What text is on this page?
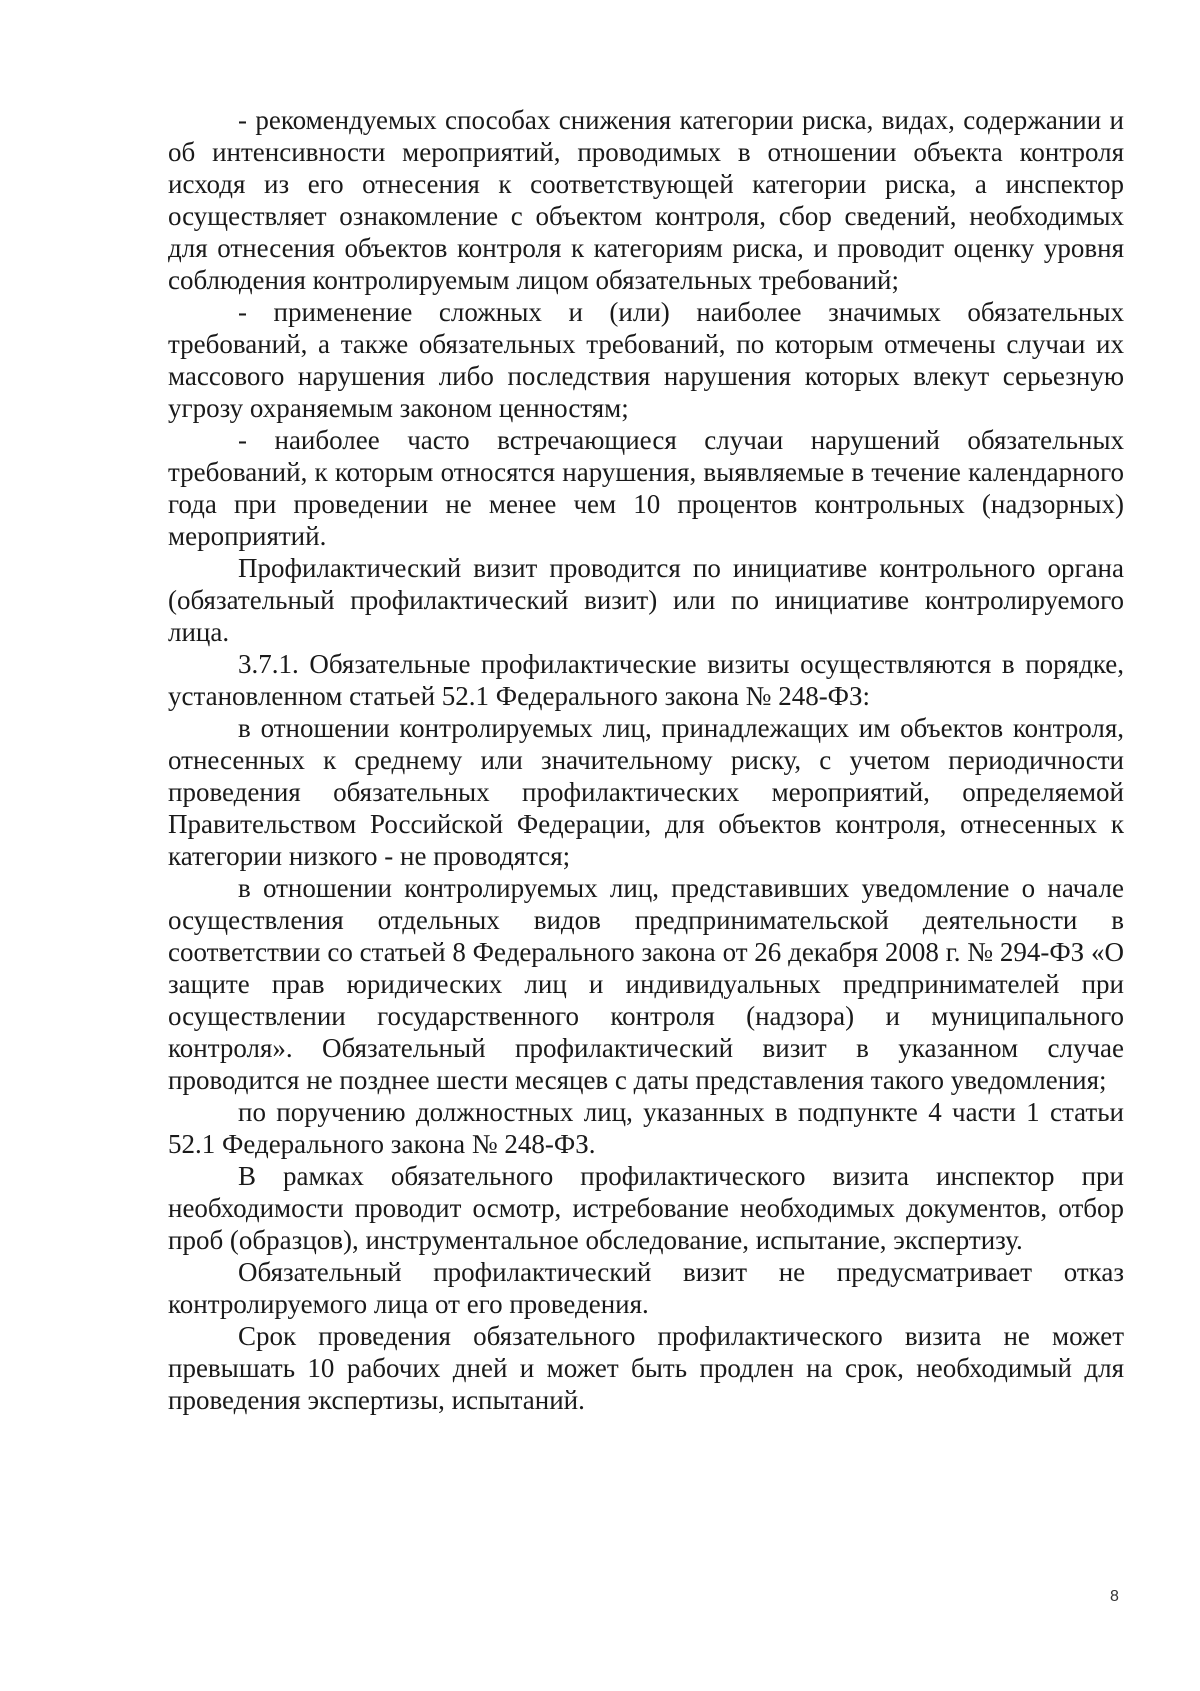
- рекомендуемых способах снижения категории риска, видах, содержании и об интенсивности мероприятий, проводимых в отношении объекта контроля исходя из его отнесения к соответствующей категории риска, а инспектор осуществляет ознакомление с объектом контроля, сбор сведений, необходимых для отнесения объектов контроля к категориям риска, и проводит оценку уровня соблюдения контролируемым лицом обязательных требований;

- применение сложных и (или) наиболее значимых обязательных требований, а также обязательных требований, по которым отмечены случаи их массового нарушения либо последствия нарушения которых влекут серьезную угрозу охраняемым законом ценностям;

- наиболее часто встречающиеся случаи нарушений обязательных требований, к которым относятся нарушения, выявляемые в течение календарного года при проведении не менее чем 10 процентов контрольных (надзорных) мероприятий.

Профилактический визит проводится по инициативе контрольного органа (обязательный профилактический визит) или по инициативе контролируемого лица.

3.7.1. Обязательные профилактические визиты осуществляются в порядке, установленном статьей 52.1 Федерального закона № 248-ФЗ:

в отношении контролируемых лиц, принадлежащих им объектов контроля, отнесенных к среднему или значительному риску, с учетом периодичности проведения обязательных профилактических мероприятий, определяемой Правительством Российской Федерации, для объектов контроля, отнесенных к категории низкого - не проводятся;

в отношении контролируемых лиц, представивших уведомление о начале осуществления отдельных видов предпринимательской деятельности в соответствии со статьей 8 Федерального закона от 26 декабря 2008 г. № 294-ФЗ «О защите прав юридических лиц и индивидуальных предпринимателей при осуществлении государственного контроля (надзора) и муниципального контроля». Обязательный профилактический визит в указанном случае проводится не позднее шести месяцев с даты представления такого уведомления;

по поручению должностных лиц, указанных в подпункте 4 части 1 статьи 52.1 Федерального закона № 248-ФЗ.

В рамках обязательного профилактического визита инспектор при необходимости проводит осмотр, истребование необходимых документов, отбор проб (образцов), инструментальное обследование, испытание, экспертизу.

Обязательный профилактический визит не предусматривает отказ контролируемого лица от его проведения.

Срок проведения обязательного профилактического визита не может превышать 10 рабочих дней и может быть продлен на срок, необходимый для проведения экспертизы, испытаний.

8
